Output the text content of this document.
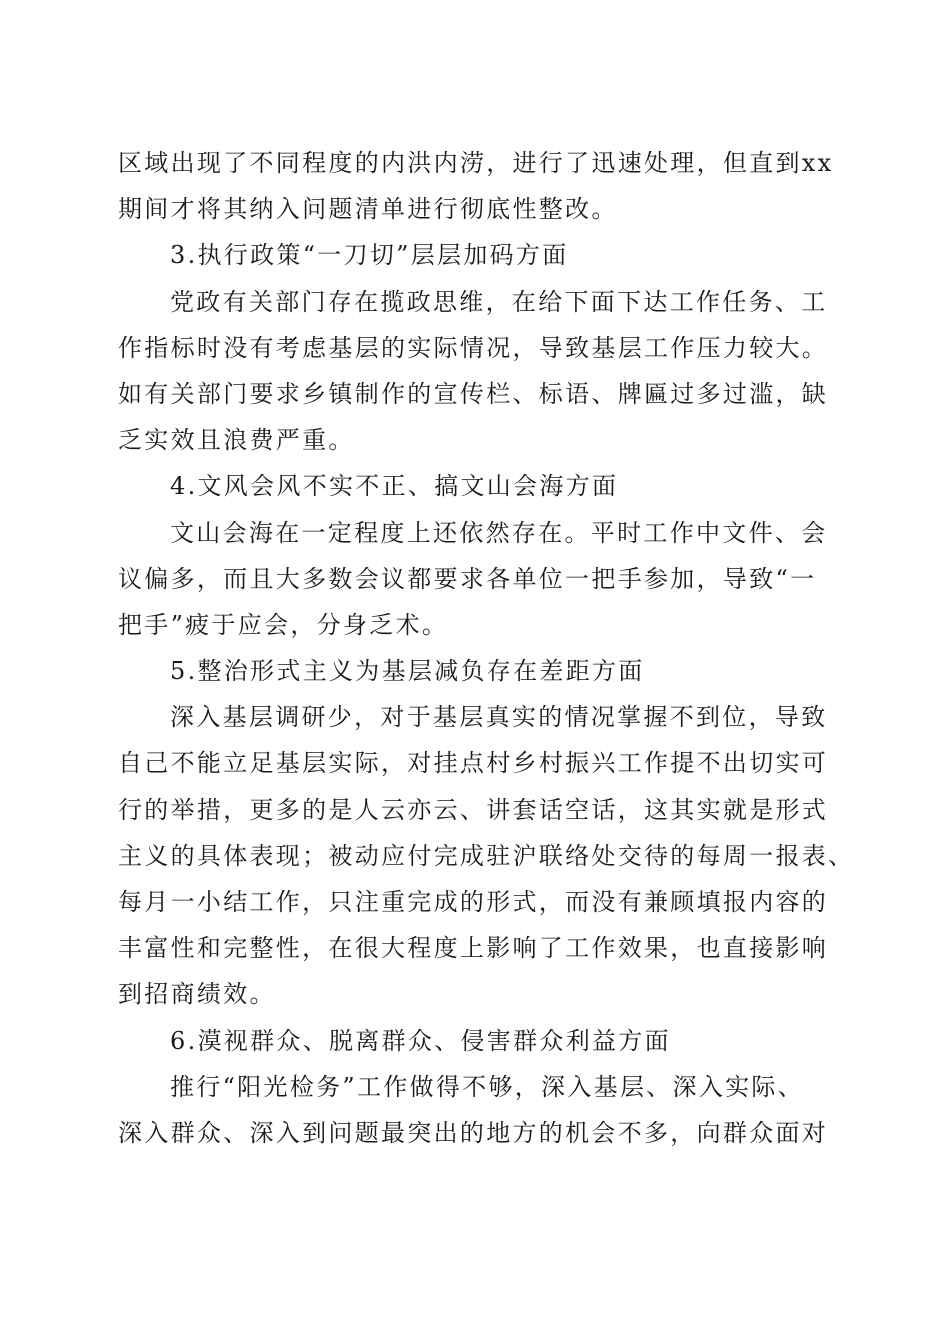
区域出现了不同程度的内洪内涝，进行了迅速处理，但直到xx
期间才将其纳入问题清单进行彻底性整改。
3.执行政策“一刀切”层层加码方面
党政有关部门存在揽政思维，在给下面下达工作任务、工
作指标时没有考虑基层的实际情况，导致基层工作压力较大。
如有关部门要求乡镇制作的宣传栏、标语、牌匾过多过滥，缺
乏实效且浪费严重。
4.文风会风不实不正、搞文山会海方面
文山会海在一定程度上还依然存在。平时工作中文件、会
议偏多，而且大多数会议都要求各单位一把手参加，导致“一
把手”疲于应会，分身乏术。
5.整治形式主义为基层减负存在差距方面
深入基层调研少，对于基层真实的情况掌握不到位，导致
自己不能立足基层实际，对挂点村乡村振兴工作提不出切实可
行的举措，更多的是人云亦云、讲套话空话，这其实就是形式
主义的具体表现；被动应付完成驻沪联络处交待的每周一报表、
每月一小结工作，只注重完成的形式，而没有兼顾填报内容的
丰富性和完整性，在很大程度上影响了工作效果，也直接影响
到招商绩效。
6.漠视群众、脱离群众、侵害群众利益方面
推行“阳光检务”工作做得不够，深入基层、深入实际、
深入群众、深入到问题最突出的地方的机会不多，向群众面对
